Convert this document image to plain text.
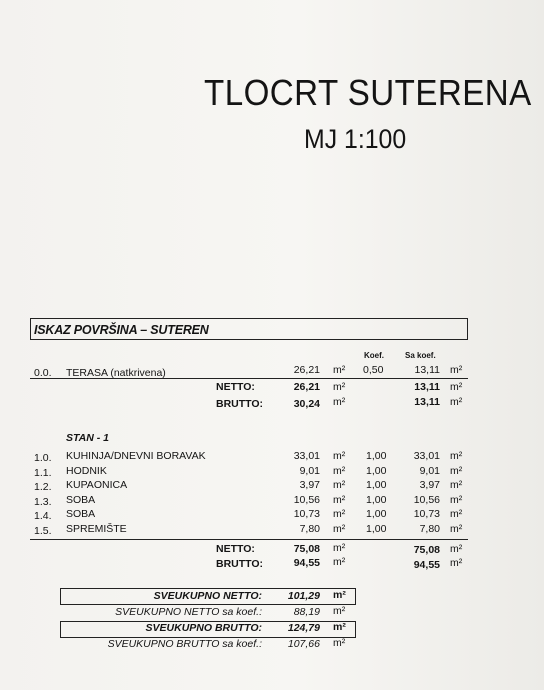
TLOCRT SUTERENA
MJ 1:100
ISKAZ POVRŠINA – SUTEREN
Koef.	Sa koef.
0.0. TERASA (natkrivena)	26,21 m² 0,50	13,11 m²
NETTO:	26,21 m²	13,11 m²
BRUTTO:	30,24 m²	13,11 m²
STAN - 1
1.0. KUHINJA/DNEVNI BORAVAK	33,01 m² 1,00	33,01 m²
1.1. HODNIK	9,01 m² 1,00	9,01 m²
1.2. KUPAONICA	3,97 m² 1,00	3,97 m²
1.3. SOBA	10,56 m² 1,00	10,56 m²
1.4. SOBA	10,73 m² 1,00	10,73 m²
1.5. SPREMIŠTE	7,80 m² 1,00	7,80 m²
NETTO:	75,08 m²	75,08 m²
BRUTTO:	94,55 m²	94,55 m²
SVEUKUPNO NETTO:	101,29 m²
SVEUKUPNO NETTO sa koef.:	88,19 m²
SVEUKUPNO BRUTTO:	124,79 m²
SVEUKUPNO BRUTTO sa koef.:	107,66 m²
